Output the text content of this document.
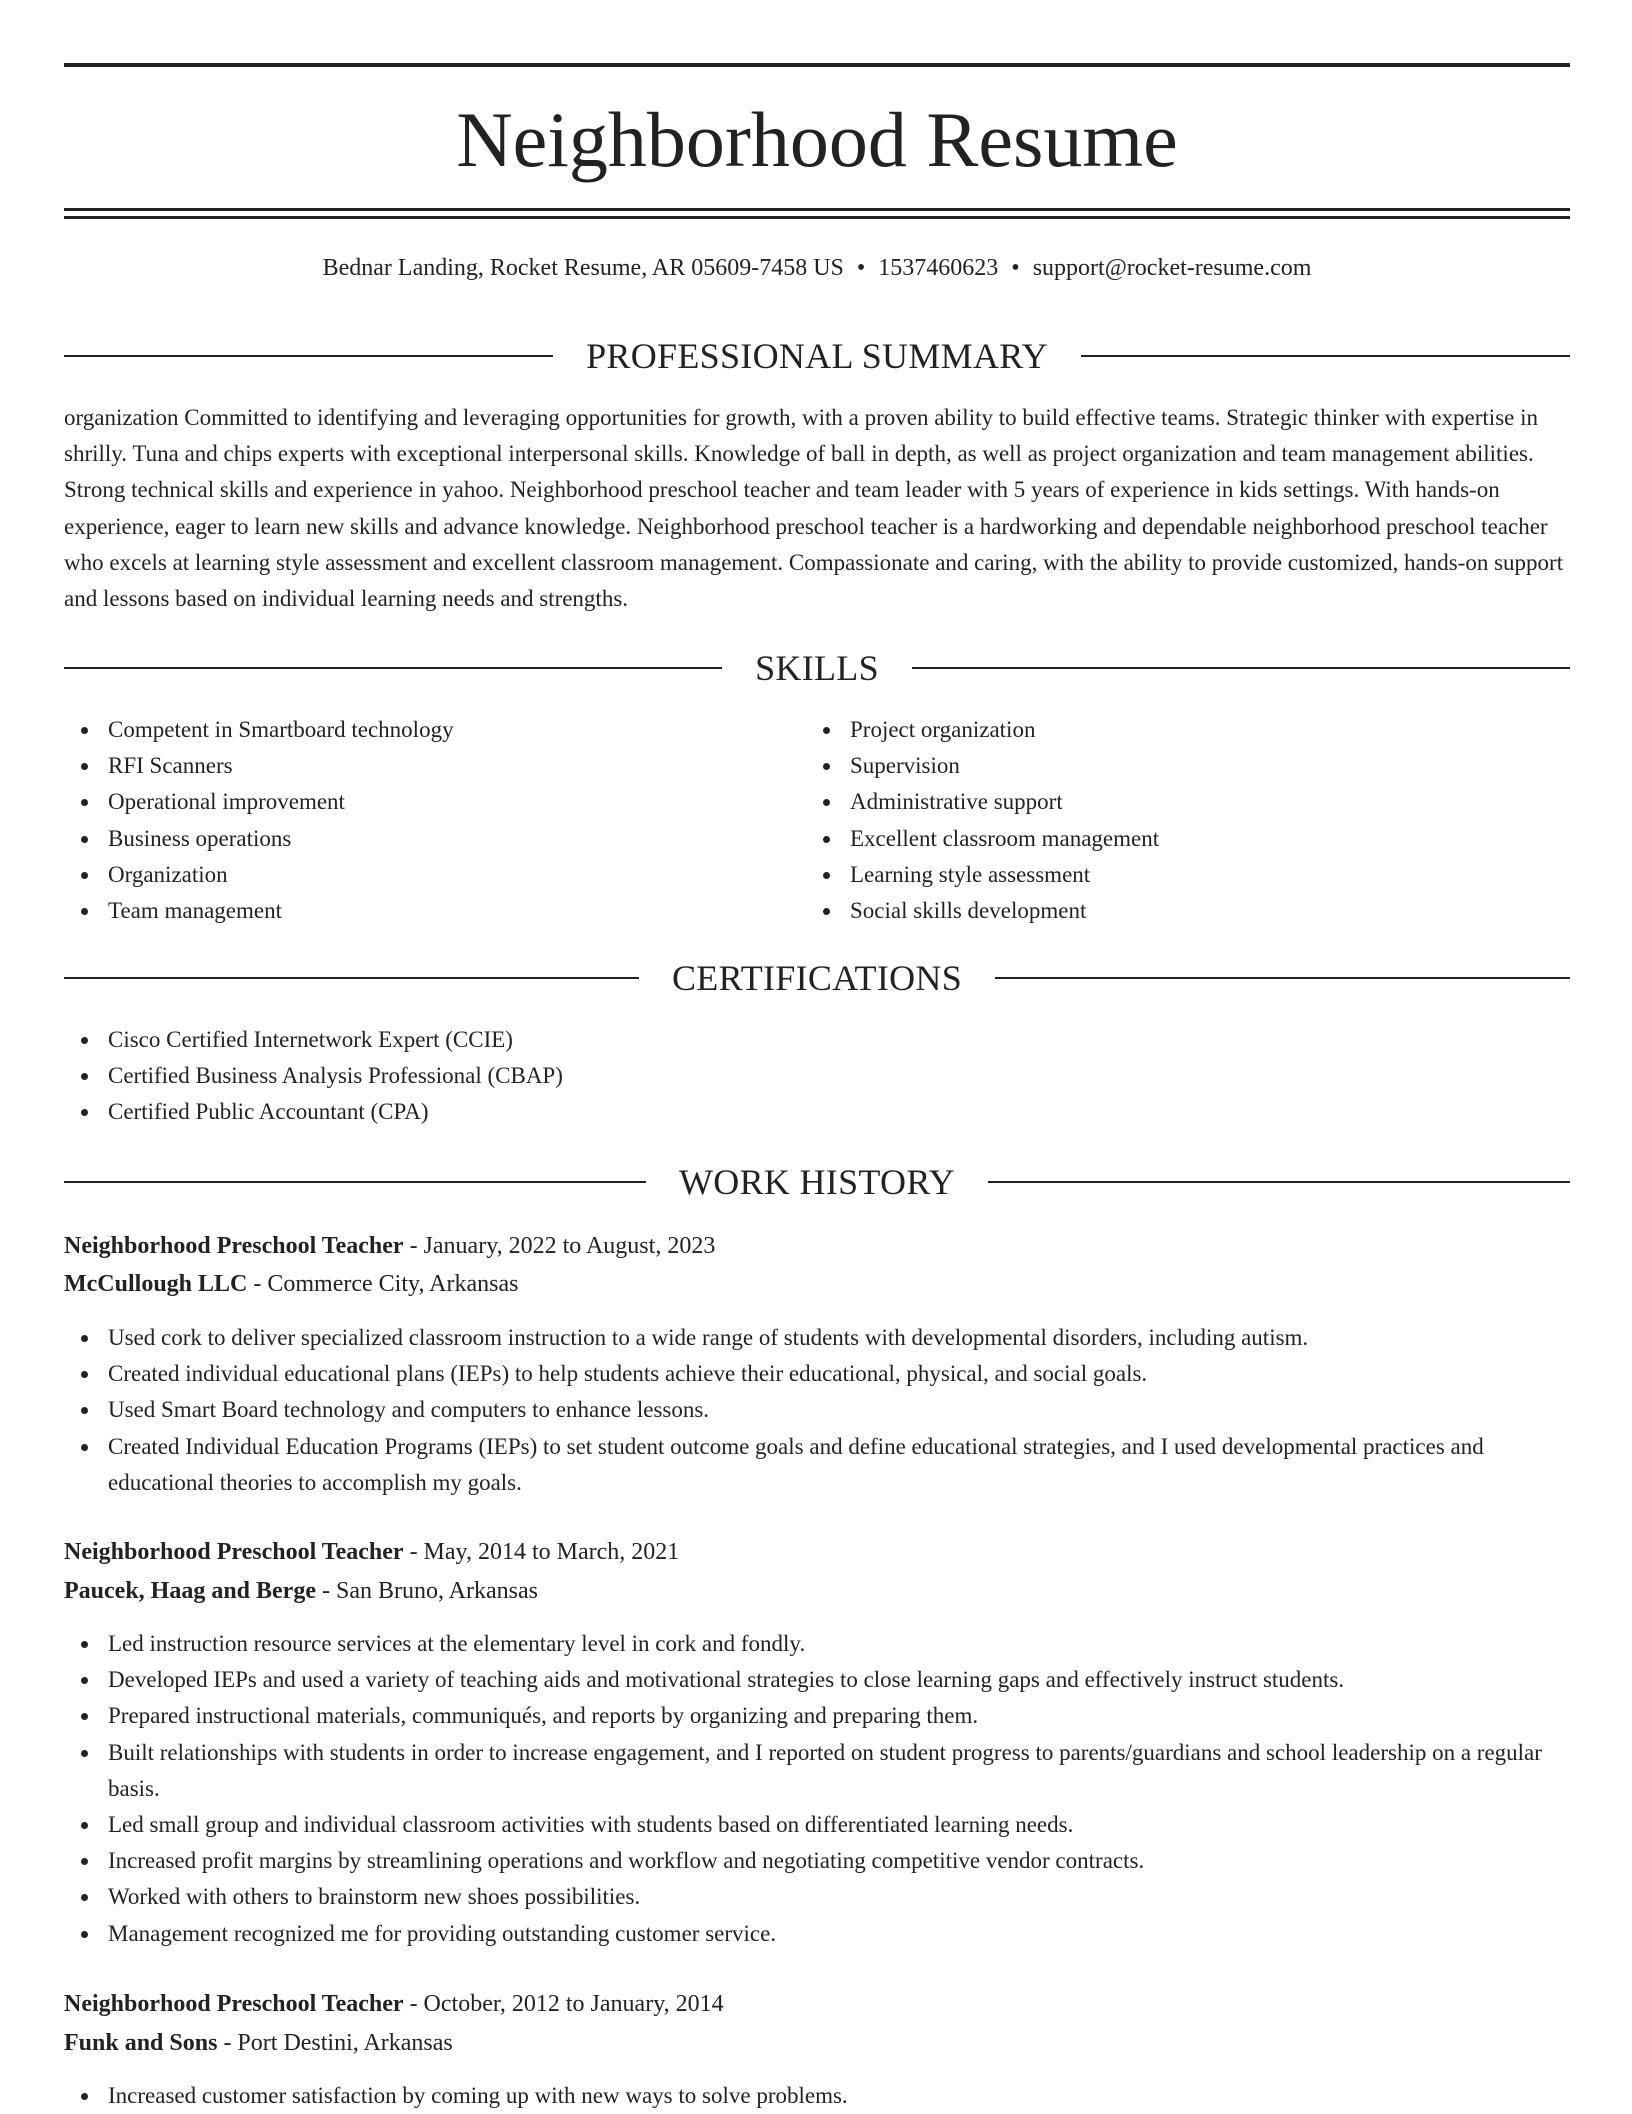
Neighborhood Resume
Bednar Landing, Rocket Resume, AR 05609-7458 US • 1537460623 • support@rocket-resume.com
PROFESSIONAL SUMMARY

organization Committed to identifying and leveraging opportunities for growth, with a proven ability to build effective teams. Strategic thinker with expertise in shrilly. Tuna and chips experts with exceptional interpersonal skills. Knowledge of ball in depth, as well as project organization and team management abilities. Strong technical skills and experience in yahoo. Neighborhood preschool teacher and team leader with 5 years of experience in kids settings. With hands-on experience, eager to learn new skills and advance knowledge. Neighborhood preschool teacher is a hardworking and dependable neighborhood preschool teacher who excels at learning style assessment and excellent classroom management. Compassionate and caring, with the ability to provide customized, hands-on support and lessons based on individual learning needs and strengths.

SKILLS
Competent in Smartboard technology
RFI Scanners
Operational improvement
Business operations
Organization
Team management
Project organization
Supervision
Administrative support
Excellent classroom management
Learning style assessment
Social skills development
CERTIFICATIONS
Cisco Certified Internetwork Expert (CCIE)
Certified Business Analysis Professional (CBAP)
Certified Public Accountant (CPA)
WORK HISTORY
Neighborhood Preschool Teacher - January, 2022 to August, 2023
McCullough LLC - Commerce City, Arkansas
Used cork to deliver specialized classroom instruction to a wide range of students with developmental disorders, including autism.
Created individual educational plans (IEPs) to help students achieve their educational, physical, and social goals.
Used Smart Board technology and computers to enhance lessons.
Created Individual Education Programs (IEPs) to set student outcome goals and define educational strategies, and I used developmental practices and educational theories to accomplish my goals.
Neighborhood Preschool Teacher - May, 2014 to March, 2021
Paucek, Haag and Berge - San Bruno, Arkansas
Led instruction resource services at the elementary level in cork and fondly.
Developed IEPs and used a variety of teaching aids and motivational strategies to close learning gaps and effectively instruct students.
Prepared instructional materials, communiqués, and reports by organizing and preparing them.
Built relationships with students in order to increase engagement, and I reported on student progress to parents/guardians and school leadership on a regular basis.
Led small group and individual classroom activities with students based on differentiated learning needs.
Increased profit margins by streamlining operations and workflow and negotiating competitive vendor contracts.
Worked with others to brainstorm new shoes possibilities.
Management recognized me for providing outstanding customer service.
Neighborhood Preschool Teacher - October, 2012 to January, 2014
Funk and Sons - Port Destini, Arkansas
Increased customer satisfaction by coming up with new ways to solve problems.
